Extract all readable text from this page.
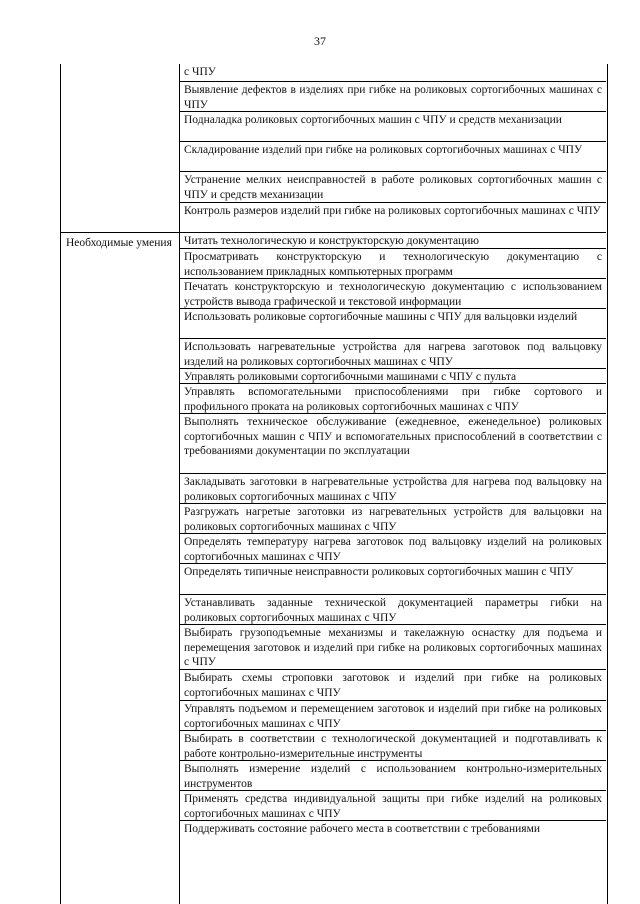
37
Необходимые умения
с ЧПУ
Выявление дефектов в изделиях при гибке на роликовых сортогибочных машинах с ЧПУ
Подналадка роликовых сортогибочных машин с ЧПУ и средств механизации
Складирование изделий при гибке на роликовых сортогибочных машинах с ЧПУ
Устранение мелких неисправностей в работе роликовых сортогибочных машин с ЧПУ и средств механизации
Контроль размеров изделий при гибке на роликовых сортогибочных машинах с ЧПУ
Читать технологическую и конструкторскую документацию
Просматривать конструкторскую и технологическую документацию с использованием прикладных компьютерных программ
Печатать конструкторскую и технологическую документацию с использованием устройств вывода графической и текстовой информации
Использовать роликовые сортогибочные машины с ЧПУ для вальцовки изделий
Использовать нагревательные устройства для нагрева заготовок под вальцовку изделий на роликовых сортогибочных машинах с ЧПУ
Управлять роликовыми сортогибочными машинами с ЧПУ с пульта
Управлять вспомогательными приспособлениями при гибке сортового и профильного проката на роликовых сортогибочных машинах с ЧПУ
Выполнять техническое обслуживание (ежедневное, еженедельное) роликовых сортогибочных машин с ЧПУ и вспомогательных приспособлений в соответствии с требованиями документации по эксплуатации
Закладывать заготовки в нагревательные устройства для нагрева под вальцовку на роликовых сортогибочных машинах с ЧПУ
Разгружать нагретые заготовки из нагревательных устройств для вальцовки на роликовых сортогибочных машинах с ЧПУ
Определять температуру нагрева заготовок под вальцовку изделий на роликовых сортогибочных машинах с ЧПУ
Определять типичные неисправности роликовых сортогибочных машин с ЧПУ
Устанавливать заданные технической документацией параметры гибки на роликовых сортогибочных машинах с ЧПУ
Выбирать грузоподъемные механизмы и такелажную оснастку для подъема и перемещения заготовок и изделий при гибке на роликовых сортогибочных машинах с ЧПУ
Выбирать схемы строповки заготовок и изделий при гибке на роликовых сортогибочных машинах с ЧПУ
Управлять подъемом и перемещением заготовок и изделий при гибке на роликовых сортогибочных машинах с ЧПУ
Выбирать в соответствии с технологической документацией и подготавливать к работе контрольно-измерительные инструменты
Выполнять измерение изделий с использованием контрольно-измерительных инструментов
Применять средства индивидуальной защиты при гибке изделий на роликовых сортогибочных машинах с ЧПУ
Поддерживать состояние рабочего места в соответствии с требованиями
